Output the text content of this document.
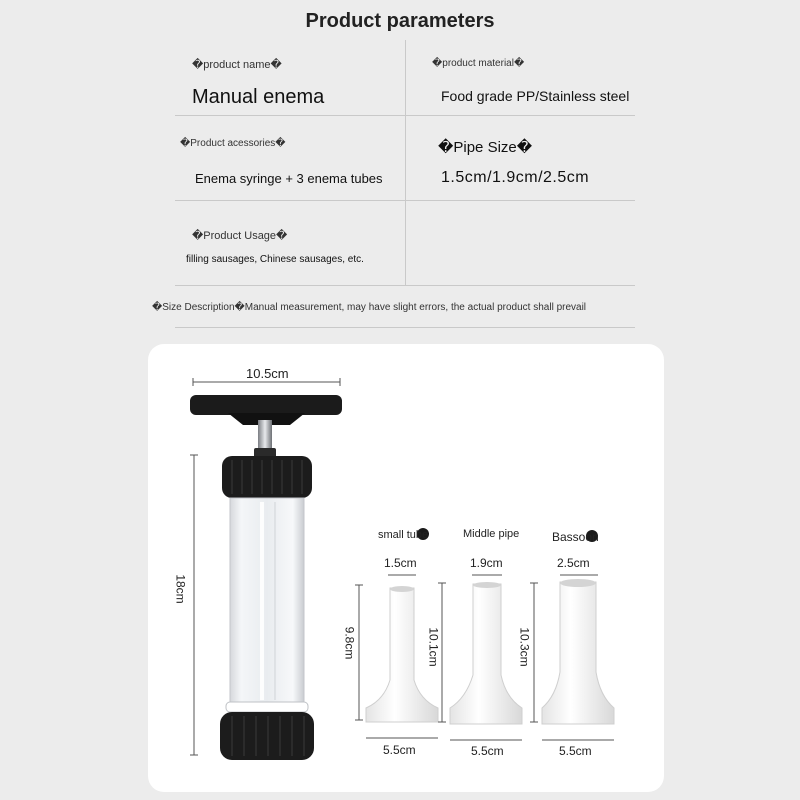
Product parameters
�product name�
Manual enema
�product material�
Food grade PP/Stainless steel
�Product acessories�
Enema syringe + 3 enema tubes
�Pipe Size�
1.5cm/1.9cm/2.5cm
�Product Usage�
filling sausages, Chinese sausages, etc.
�Size Description�Manual measurement, may have slight errors, the actual product shall prevail
10.5cm
18cm
small tube
1.5cm
9.8cm
5.5cm
Middle pipe
1.9cm
10.1cm
5.5cm
Bassoon
2.5cm
10.3cm
5.5cm
